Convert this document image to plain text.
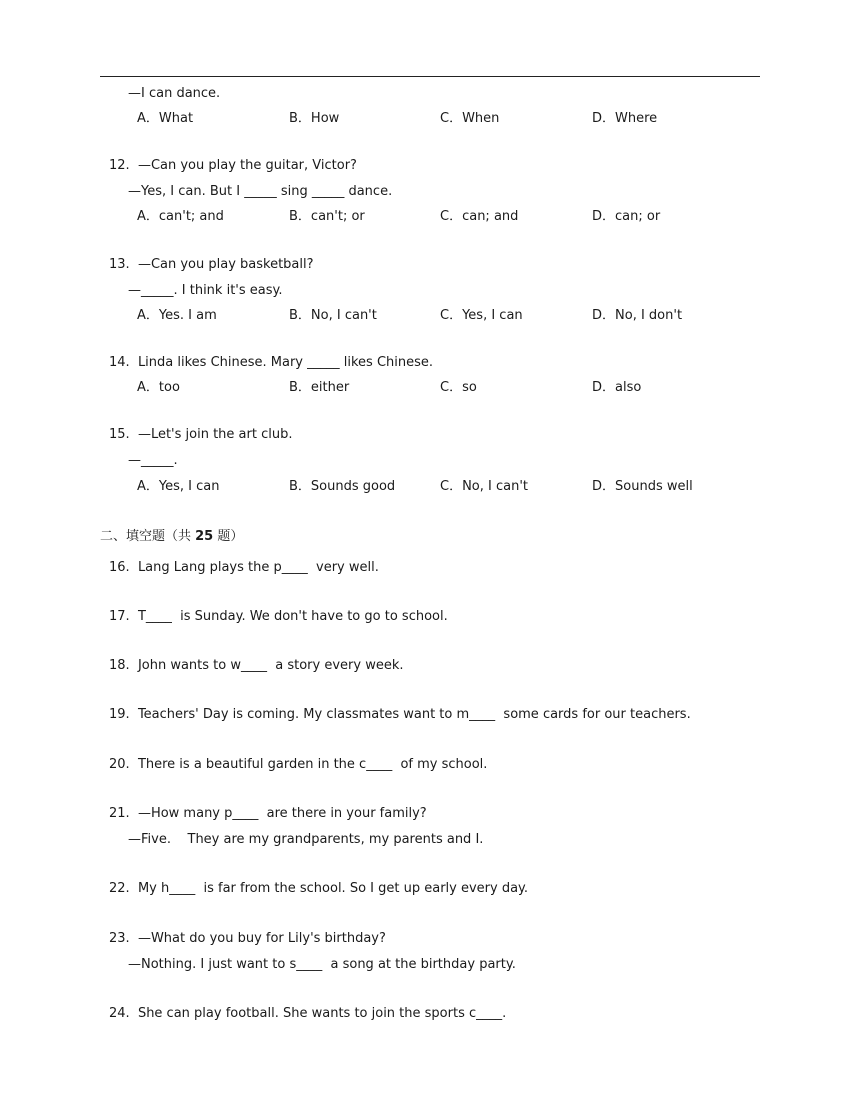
—I can dance.
A．What	B．How	C．When	D．Where
12.  —Can you play the guitar, Victor?
—Yes, I can. But I _____ sing _____ dance.
A．can't; and	B．can't; or	C．can; and	D．can; or
13.  —Can you play basketball?
—_____. I think it's easy.
A．Yes. I am	B．No, I can't	C．Yes, I can	D．No, I don't
14.  Linda likes Chinese. Mary _____ likes Chinese.
A．too	B．either	C．so	D．also
15.  —Let's join the art club.
—_____.
A．Yes, I can	B．Sounds good	C．No, I can't	D．Sounds well
二、填空题（共 25 题）
16.  Lang Lang plays the p____  very well.
17.  T____  is Sunday. We don't have to go to school.
18.  John wants to w____  a story every week.
19.  Teachers' Day is coming. My classmates want to m____  some cards for our teachers.
20.  There is a beautiful garden in the c____  of my school.
21.  —How many p____  are there in your family?
—Five.    They are my grandparents, my parents and I.
22.  My h____  is far from the school. So I get up early every day.
23.  —What do you buy for Lily's birthday?
—Nothing. I just want to s____  a song at the birthday party.
24.  She can play football. She wants to join the sports c____.
